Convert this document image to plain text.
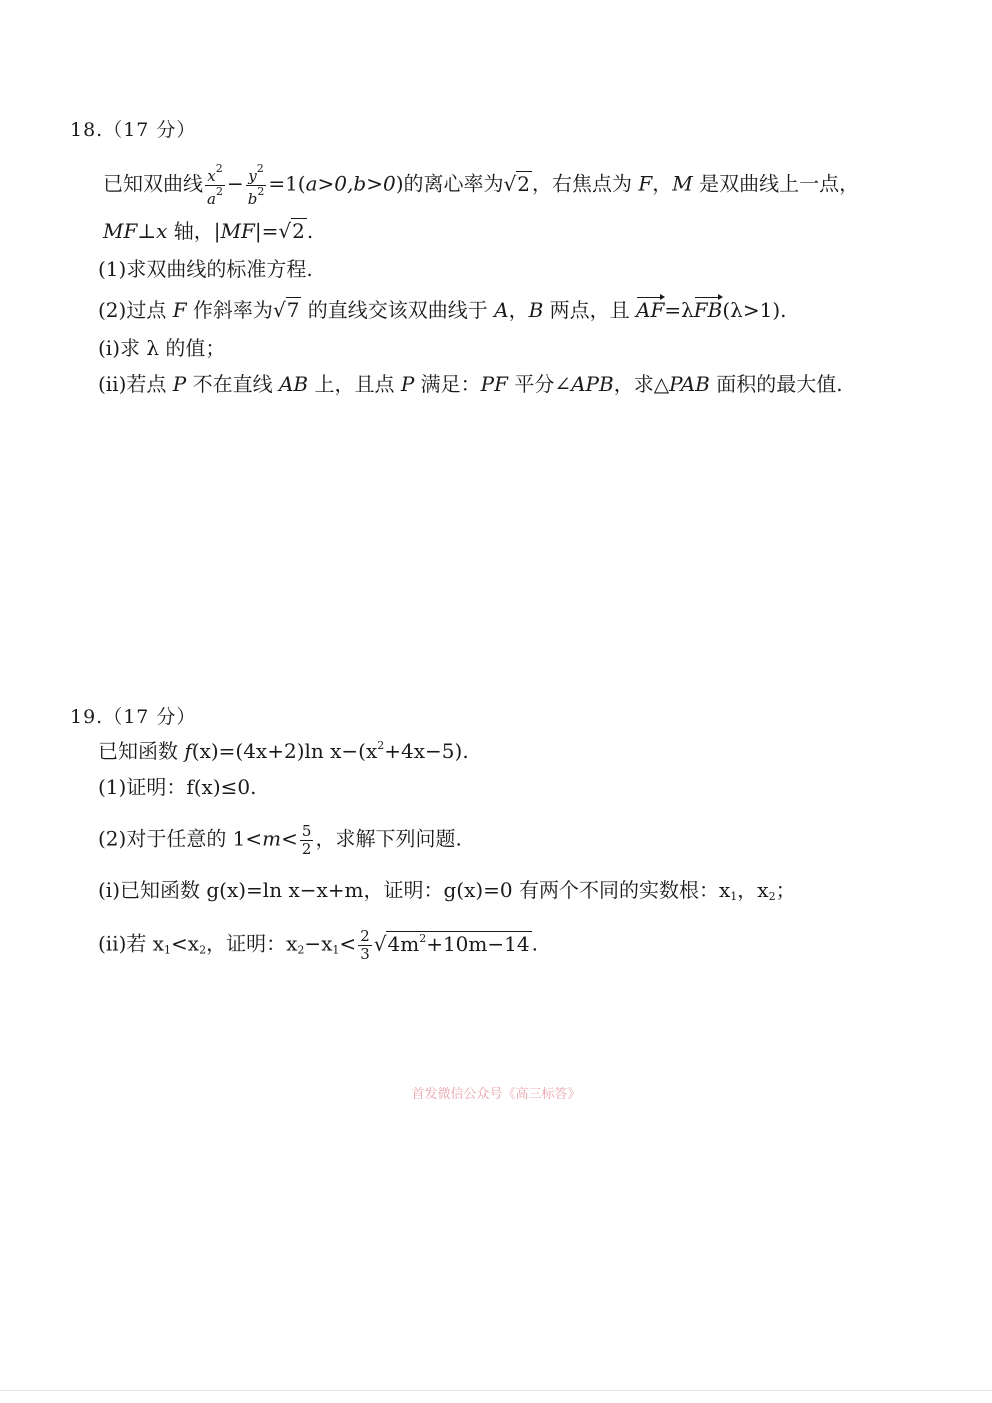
18.（17 分）
已知双曲线 $\frac{x^2}{a^2} - \frac{y^2}{b^2} =1(a>0,b>0)$的离心率为√2 ，右焦点为 F，M 是双曲线上一点，
MF⊥x 轴，|MF|=√2 .
(1)求双曲线的标准方程.
(2)过点 F 作斜率为√7 的直线交该双曲线于 A，B 两点，且 AF=λFB(λ>1).
(ⅰ)求 λ 的值；
(ⅱ)若点 P 不在直线 AB 上，且点 P 满足：PF 平分∠APB，求△PAB 面积的最大值.
19.（17 分）
已知函数 f(x)=(4x+2)ln $x-(x^2+4x-5)$.
(1)证明：f(x)≤0.
(2)对于任意的 $1<m< \frac{5}{2}$ ，求解下列问题.
(ⅰ)已知函数 g(x)=ln x−x+m，证明：g(x)=0 有两个不同的实数根：$x_1$，$x_2$；
(ⅱ)若 $x_1<x_2$，证明：$x_2-x_1< \frac{2}{3} √4m^2+10m-14$ .
首发微信公众号《高三标答》
